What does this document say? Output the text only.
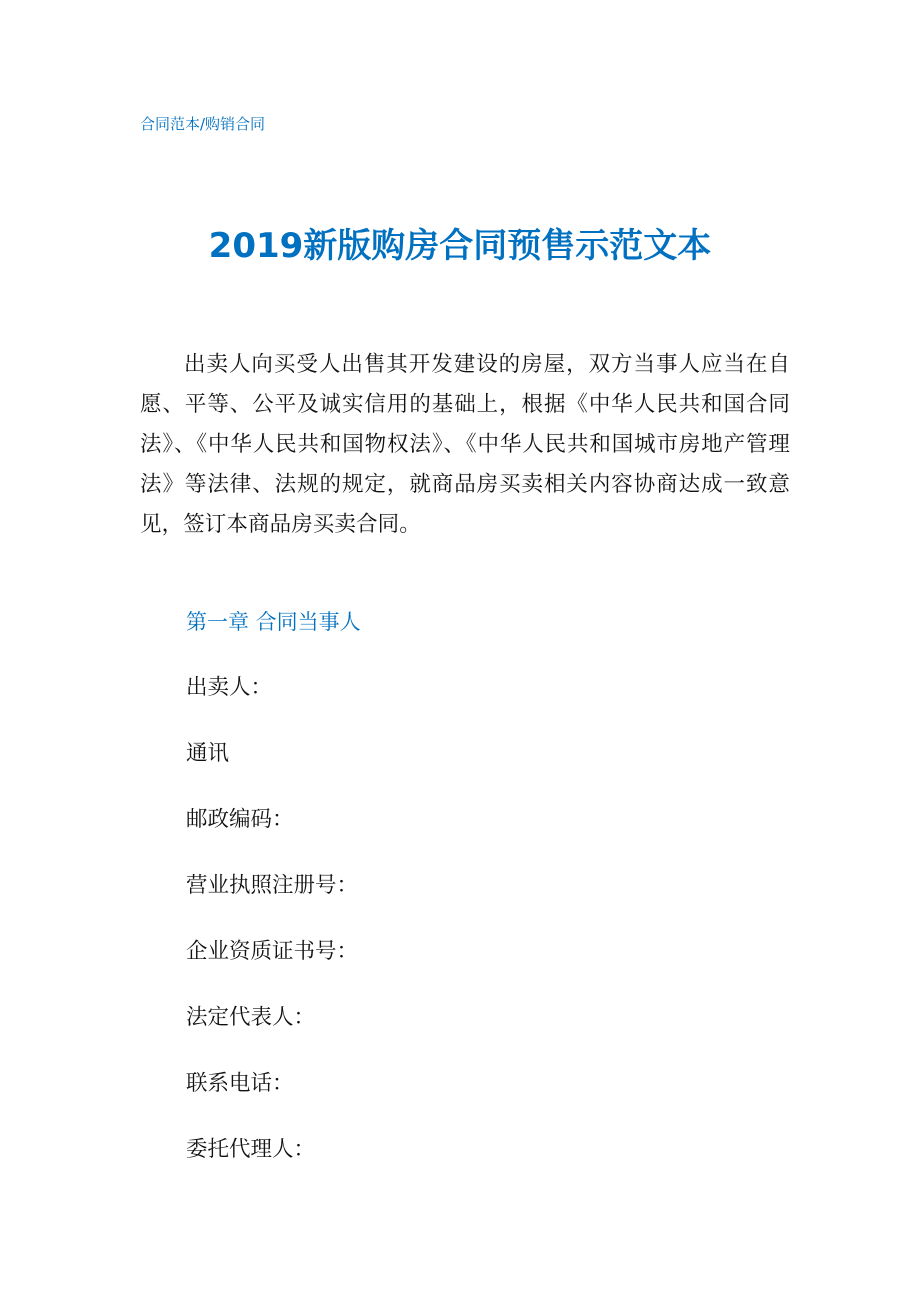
合同范本/购销合同
2019新版购房合同预售示范文本

出卖人向买受人出售其开发建设的房屋，双方当事人应当在自愿、平等、公平及诚实信用的基础上，根据《中华人民共和国合同法》、《中华人民共和国物权法》、《中华人民共和国城市房地产管理法》等法律、法规的规定，就商品房买卖相关内容协商达成一致意见，签订本商品房买卖合同。

第一章 合同当事人
出卖人：
通讯
邮政编码：
营业执照注册号：
企业资质证书号：
法定代表人：
联系电话：
委托代理人：
